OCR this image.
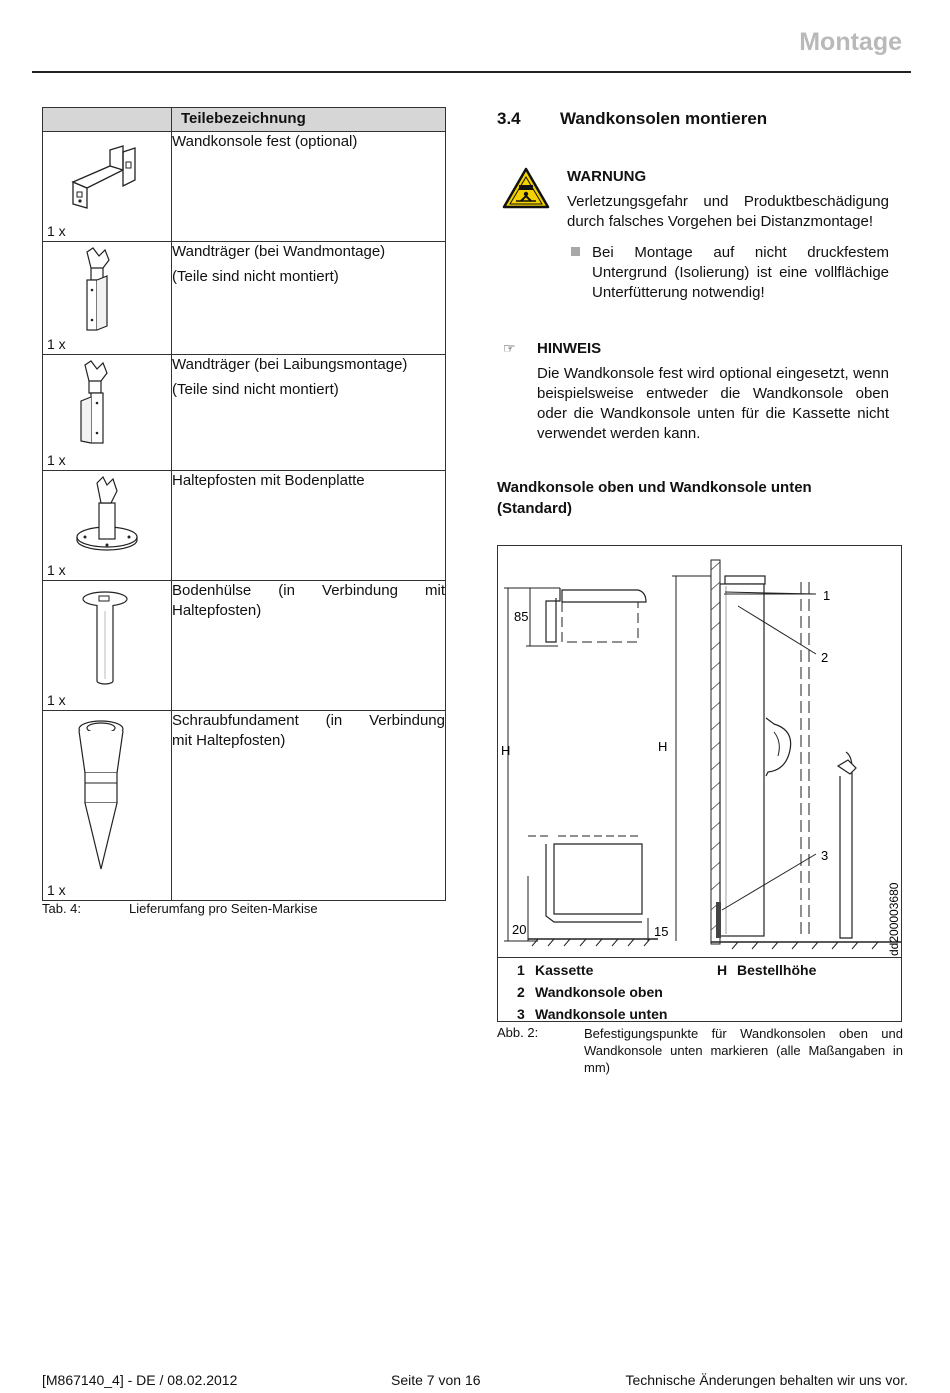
Montage
	Teilebezeichnung

1 x	Wandkonsole fest (optional)

1 x	Wandträger (bei Wandmontage)

(Teile sind nicht montiert)

1 x	Wandträger (bei Laibungsmontage)

(Teile sind nicht montiert)

1 x	Haltepfosten mit Bodenplatte

1 x	Bodenhülse (in Verbindung mit

Haltepfosten)

1 x	Schraubfundament (in Verbindung

mit Haltepfosten)

Tab. 4:	Lieferumfang pro Seiten-Markise
3.4 Wandkonsolen montieren
WARNUNG
Verletzungsgefahr und Produktbeschädigung durch falsches Vorgehen bei Distanzmontage!
Bei Montage auf nicht druckfestem Untergrund (Isolierung) ist eine vollflächige Unterfütterung notwendig!
☞ HINWEIS
Die Wandkonsole fest wird optional eingesetzt, wenn beispielsweise entweder die Wandkonsole oben oder die Wandkonsole unten für die Kassette nicht verwendet werden kann.
Wandkonsole oben und Wandkonsole unten (Standard)
85
H
20	15
H
1
2
3
dd200003680
1 Kassette
2 Wandkonsole oben
3 Wandkonsole unten
H Bestellhöhe
Abb. 2:	Befestigungspunkte für Wandkonsolen oben und Wandkonsole unten markieren (alle Maßangaben in mm)
[M867140_4] - DE / 08.02.2012	Seite 7 von 16	Technische Änderungen behalten wir uns vor.
